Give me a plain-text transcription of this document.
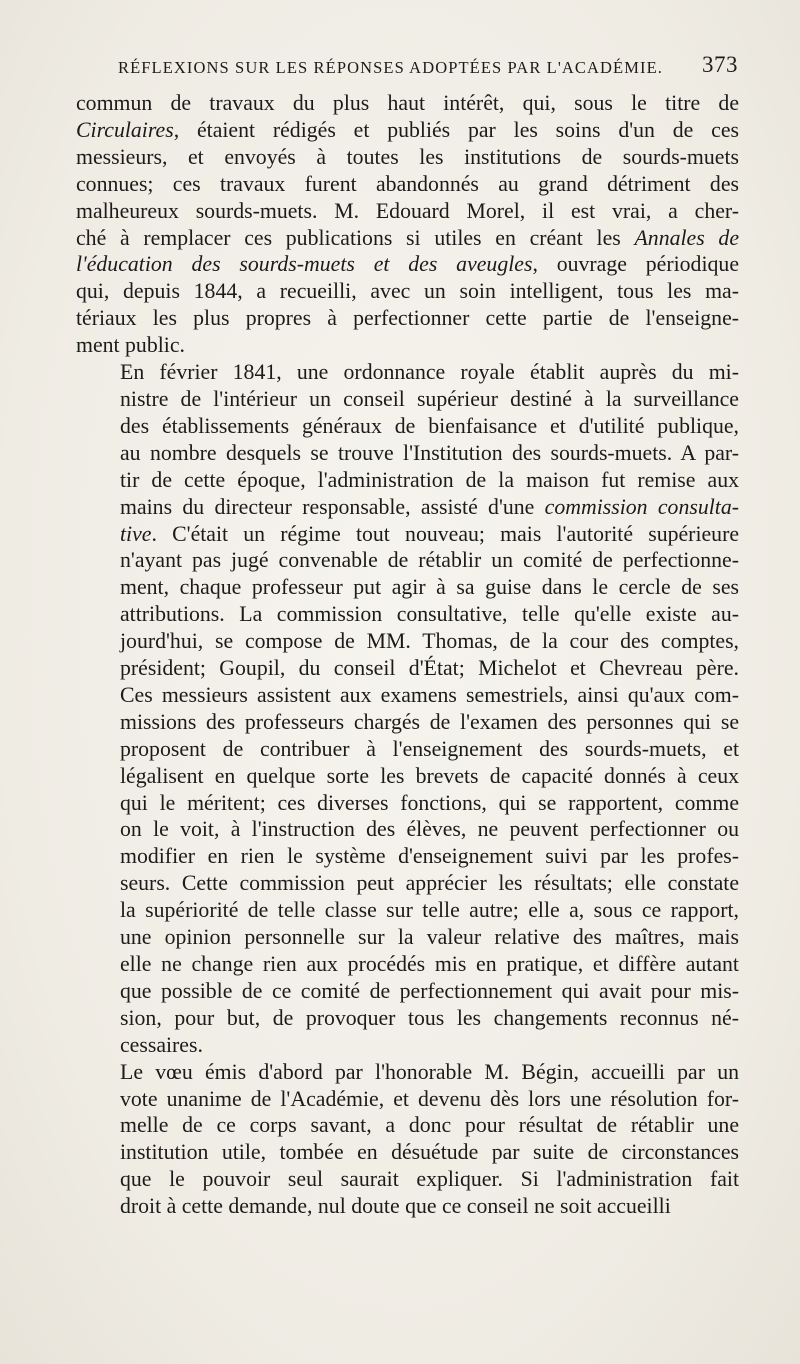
RÉFLEXIONS SUR LES RÉPONSES ADOPTÉES PAR L'ACADÉMIE.	373

commun de travaux du plus haut intérêt, qui, sous le titre de
Circulaires, étaient rédigés et publiés par les soins d'un de ces
messieurs, et envoyés à toutes les institutions de sourds-muets
connues; ces travaux furent abandonnés au grand détriment des
malheureux sourds-muets. M. Edouard Morel, il est vrai, a cher-
ché à remplacer ces publications si utiles en créant les Annales de
l'éducation des sourds-muets et des aveugles, ouvrage périodique
qui, depuis 1844, a recueilli, avec un soin intelligent, tous les ma-
tériaux les plus propres à perfectionner cette partie de l'enseigne-
ment public.

En février 1841, une ordonnance royale établit auprès du mi-
nistre de l'intérieur un conseil supérieur destiné à la surveillance
des établissements généraux de bienfaisance et d'utilité publique,
au nombre desquels se trouve l'Institution des sourds-muets. A par-
tir de cette époque, l'administration de la maison fut remise aux
mains du directeur responsable, assisté d'une commission consulta-
tive. C'était un régime tout nouveau; mais l'autorité supérieure
n'ayant pas jugé convenable de rétablir un comité de perfectionne-
ment, chaque professeur put agir à sa guise dans le cercle de ses
attributions. La commission consultative, telle qu'elle existe au-
jourd'hui, se compose de MM. Thomas, de la cour des comptes,
président; Goupil, du conseil d'État; Michelot et Chevreau père.
Ces messieurs assistent aux examens semestriels, ainsi qu'aux com-
missions des professeurs chargés de l'examen des personnes qui se
proposent de contribuer à l'enseignement des sourds-muets, et
légalisent en quelque sorte les brevets de capacité donnés à ceux
qui le méritent; ces diverses fonctions, qui se rapportent, comme
on le voit, à l'instruction des élèves, ne peuvent perfectionner ou
modifier en rien le système d'enseignement suivi par les profes-
seurs. Cette commission peut apprécier les résultats; elle constate
la supériorité de telle classe sur telle autre; elle a, sous ce rapport,
une opinion personnelle sur la valeur relative des maîtres, mais
elle ne change rien aux procédés mis en pratique, et diffère autant
que possible de ce comité de perfectionnement qui avait pour mis-
sion, pour but, de provoquer tous les changements reconnus né-
cessaires.

Le vœu émis d'abord par l'honorable M. Bégin, accueilli par un
vote unanime de l'Académie, et devenu dès lors une résolution for-
melle de ce corps savant, a donc pour résultat de rétablir une
institution utile, tombée en désuétude par suite de circonstances
que le pouvoir seul saurait expliquer. Si l'administration fait
droit à cette demande, nul doute que ce conseil ne soit accueilli
